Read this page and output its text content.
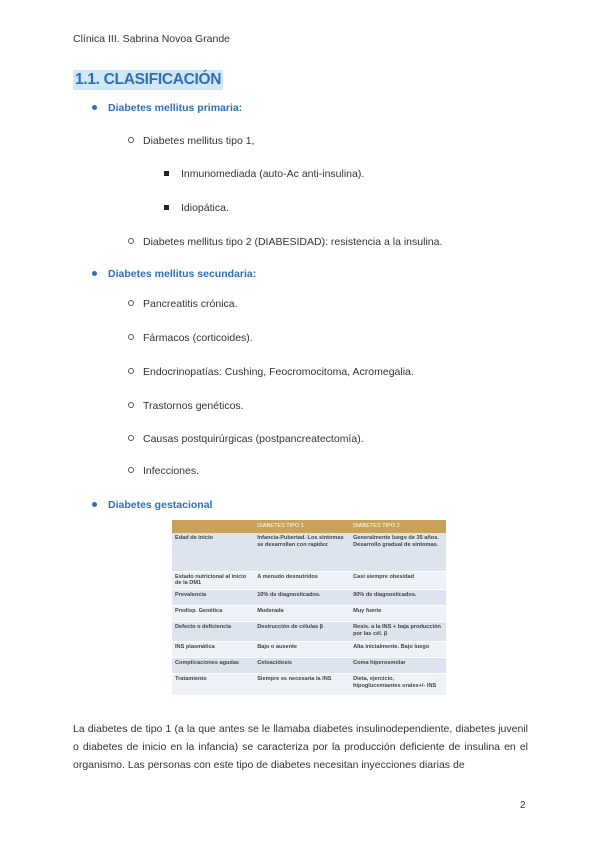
Clínica III. Sabrina Novoa Grande
1.1. CLASIFICACIÓN
Diabetes mellitus primaria:
Diabetes mellitus tipo 1,
Inmunomediada (auto-Ac anti-insulina).
Idiopática.
Diabetes mellitus tipo 2 (DIABESIDAD): resistencia a la insulina.
Diabetes mellitus secundaria:
Pancreatitis crónica.
Fármacos (corticoides).
Endocrinopatías: Cushing, Feocromocitoma, Acromegalia.
Trastornos genéticos.
Causas postquirúrgicas (postpancreatectomía).
Infecciones.
Diabetes gestacional
	DIABETES TIPO 1	DIABETES TIPO 2
Edad de inicio	Infancia-Pubertad. Los síntomas se desarrollan con rapidez	Generalmente luego de 35 años. Desarrollo gradual de síntomas.
Estado nutricional al inicio de la DM1	A menudo desnutridos	Casi siempre obesidad
Prevalencia	10% de diagnosticados.	90% de diagnosticados.
Predisp. Genética	Moderada	Muy fuerte
Defecto o deficiencia	Destrucción de células β	Resis. a la INS + baja producción por las cél. β
INS plasmática	Bajo o ausente	Alta inicialmente. Bajo luego
Complicaciones agudas	Cetoacidosis	Coma hiperosmolar
Tratamiento	Siempre es necesaria la INS	Dieta, ejercicio, hipoglucemiantes orales+/- INS

La diabetes de tipo 1 (a la que antes se le llamaba diabetes insulinodependiente, diabetes juvenil o diabetes de inicio en la infancia) se caracteriza por la producción deficiente de insulina en el organismo. Las personas con este tipo de diabetes necesitan inyecciones diarias de

2
